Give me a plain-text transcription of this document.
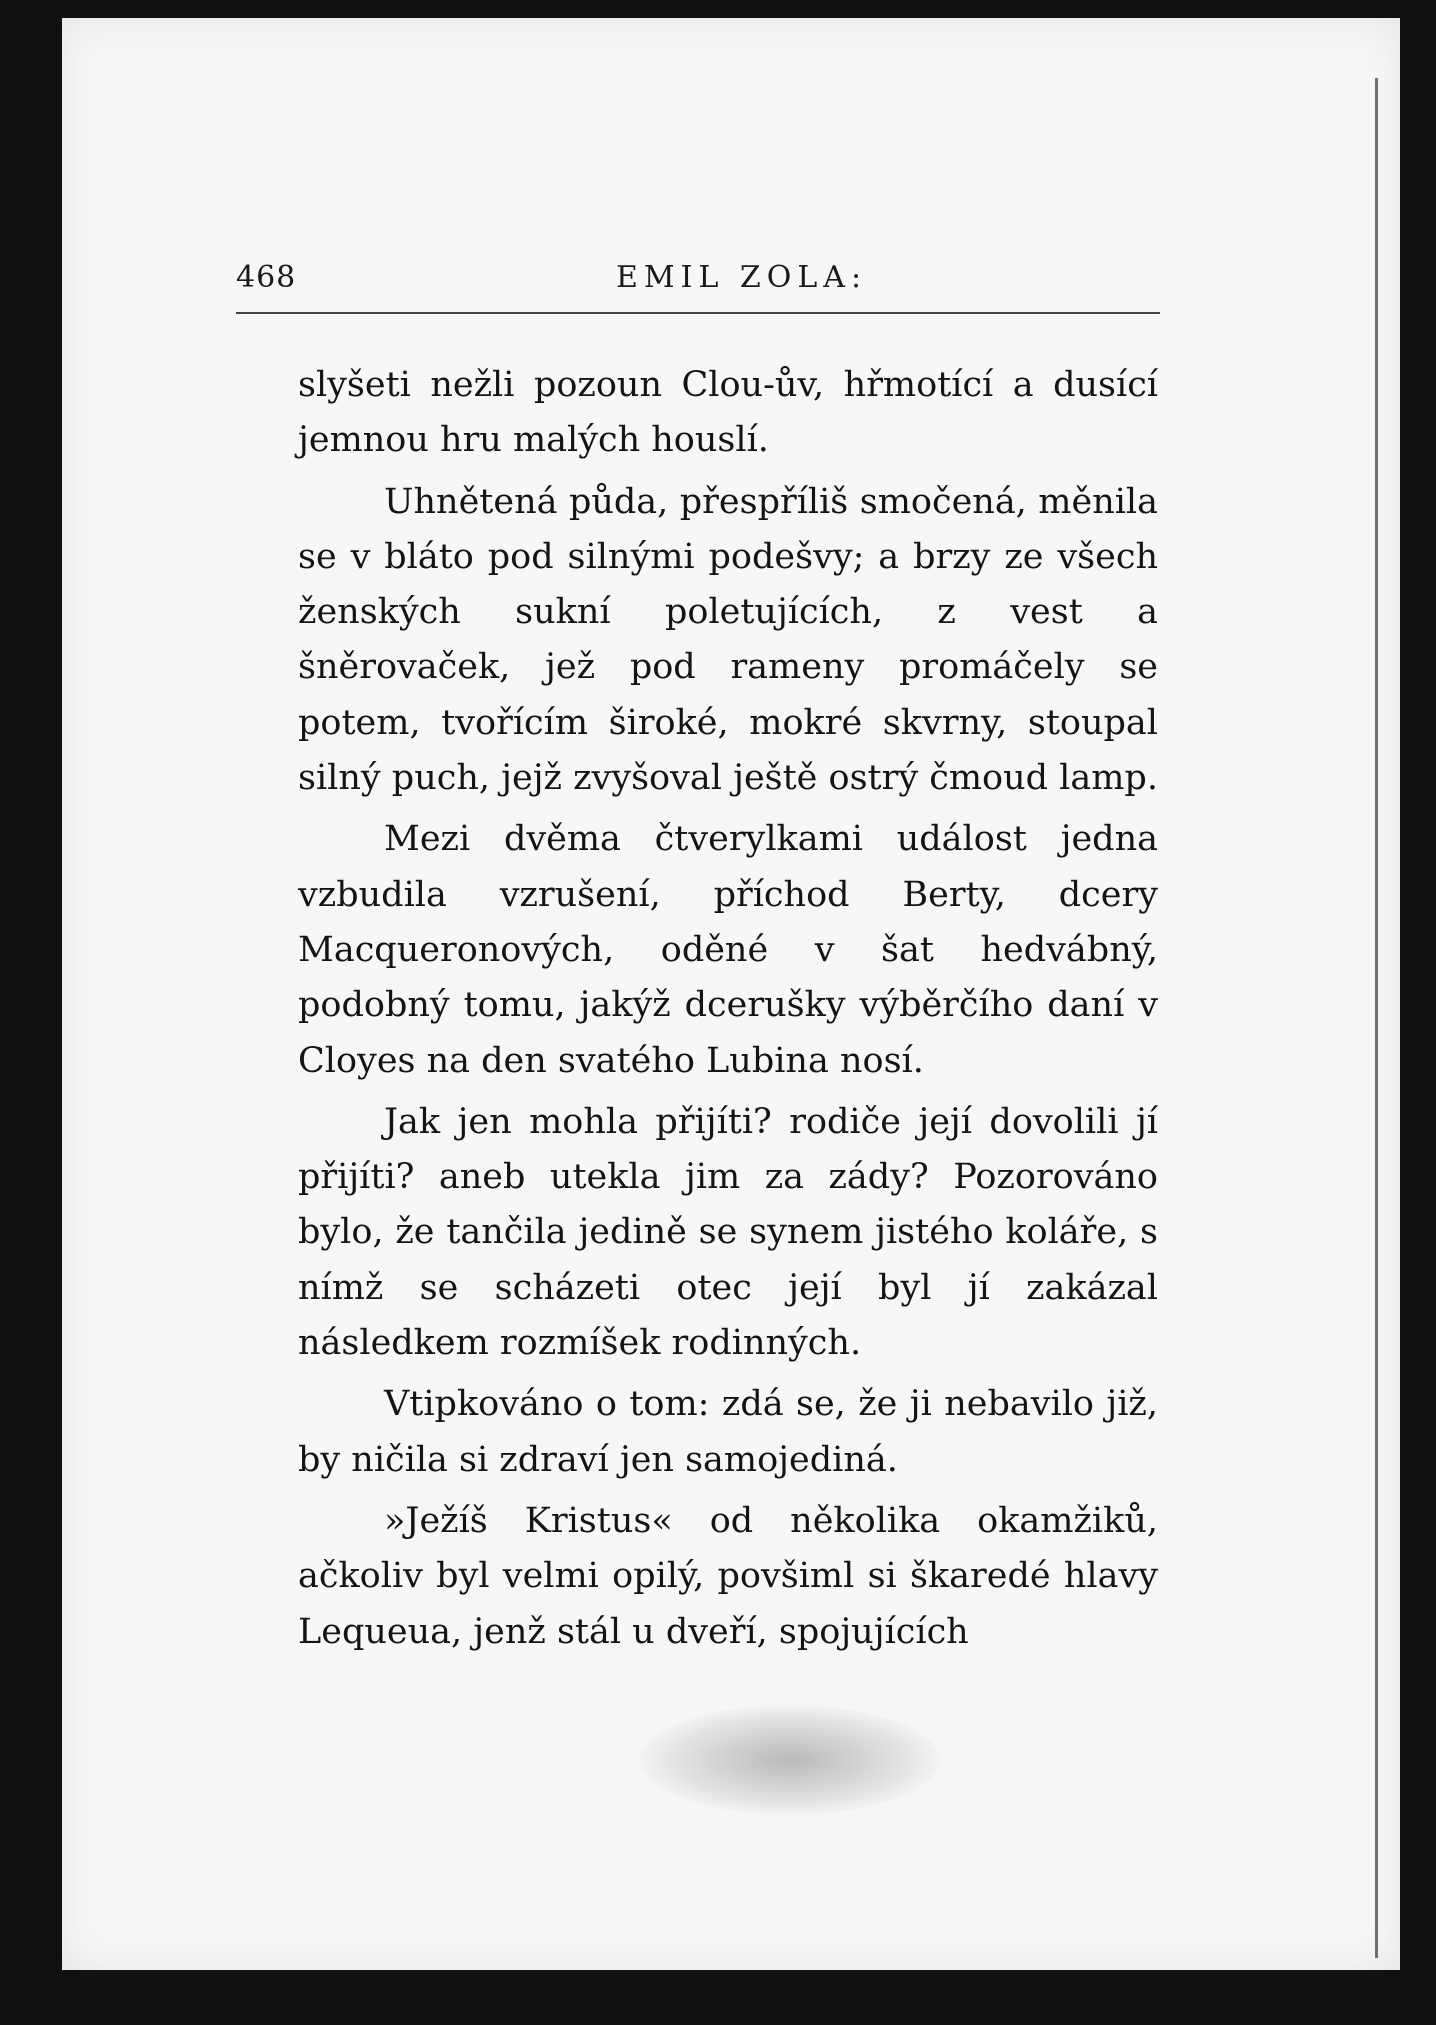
468	EMIL ZOLA:

slyšeti nežli pozoun Clou-ův, hřmotící a dusící jemnou hru malých houslí.

Uhnětená půda, přespříliš smočená, měnila se v bláto pod silnými podešvy; a brzy ze všech ženských sukní poletujících, z vest a šněrovaček, jež pod rameny promáčely se potem, tvořícím široké, mokré skvrny, stoupal silný puch, jejž zvyšoval ještě ostrý čmoud lamp.

Mezi dvěma čtverylkami událost jedna vzbudila vzrušení, příchod Berty, dcery Macqueronových, oděné v šat hedvábný, podobný tomu, jakýž dcerušky výběrčího daní v Cloyes na den svatého Lubina nosí.

Jak jen mohla přijíti? rodiče její dovolili jí přijíti? aneb utekla jim za zády? Pozorováno bylo, že tančila jedině se synem jistého koláře, s nímž se scházeti otec její byl jí zakázal následkem rozmíšek rodinných.

Vtipkováno o tom: zdá se, že ji nebavilo již, by ničila si zdraví jen samojediná.

»Ježíš Kristus« od několika okamžiků, ačkoliv byl velmi opilý, povšiml si škaredé hlavy Lequeua, jenž stál u dveří, spojujících
